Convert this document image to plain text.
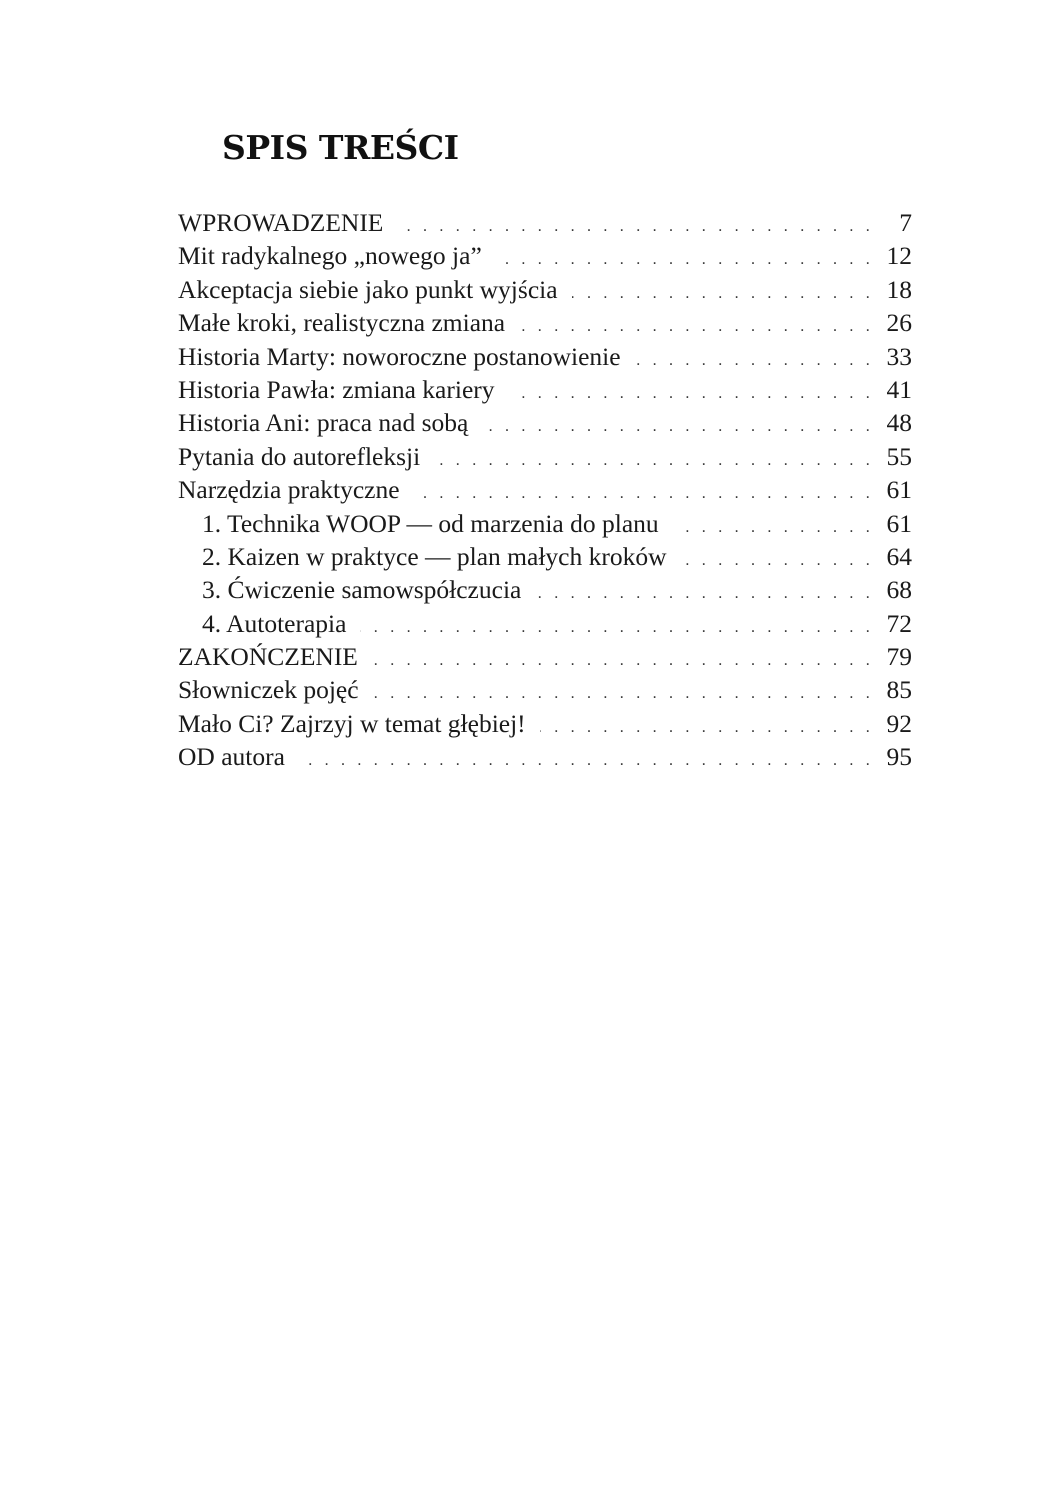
SPIS TREŚCI
WPROWADZENIE . . .	7
Mit radykalnego „nowego ja” . . .	12
Akceptacja siebie jako punkt wyjścia . . .	18
Małe kroki, realistyczna zmiana . . .	26
Historia Marty: noworoczne postanowienie . . .	33
Historia Pawła: zmiana kariery . . .	41
Historia Ani: praca nad sobą . . .	48
Pytania do autorefleksji . . .	55
Narzędzia praktyczne . . .	61
1. Technika WOOP — od marzenia do planu . . .	61
2. Kaizen w praktyce — plan małych kroków . . .	64
3. Ćwiczenie samowspółczucia . . .	68
4. Autoterapia . . .	72
ZAKOŃCZENIE . . .	79
Słowniczek pojęć . . .	85
Mało Ci? Zajrzyj w temat głębiej! . . .	92
OD autora . . .	95
